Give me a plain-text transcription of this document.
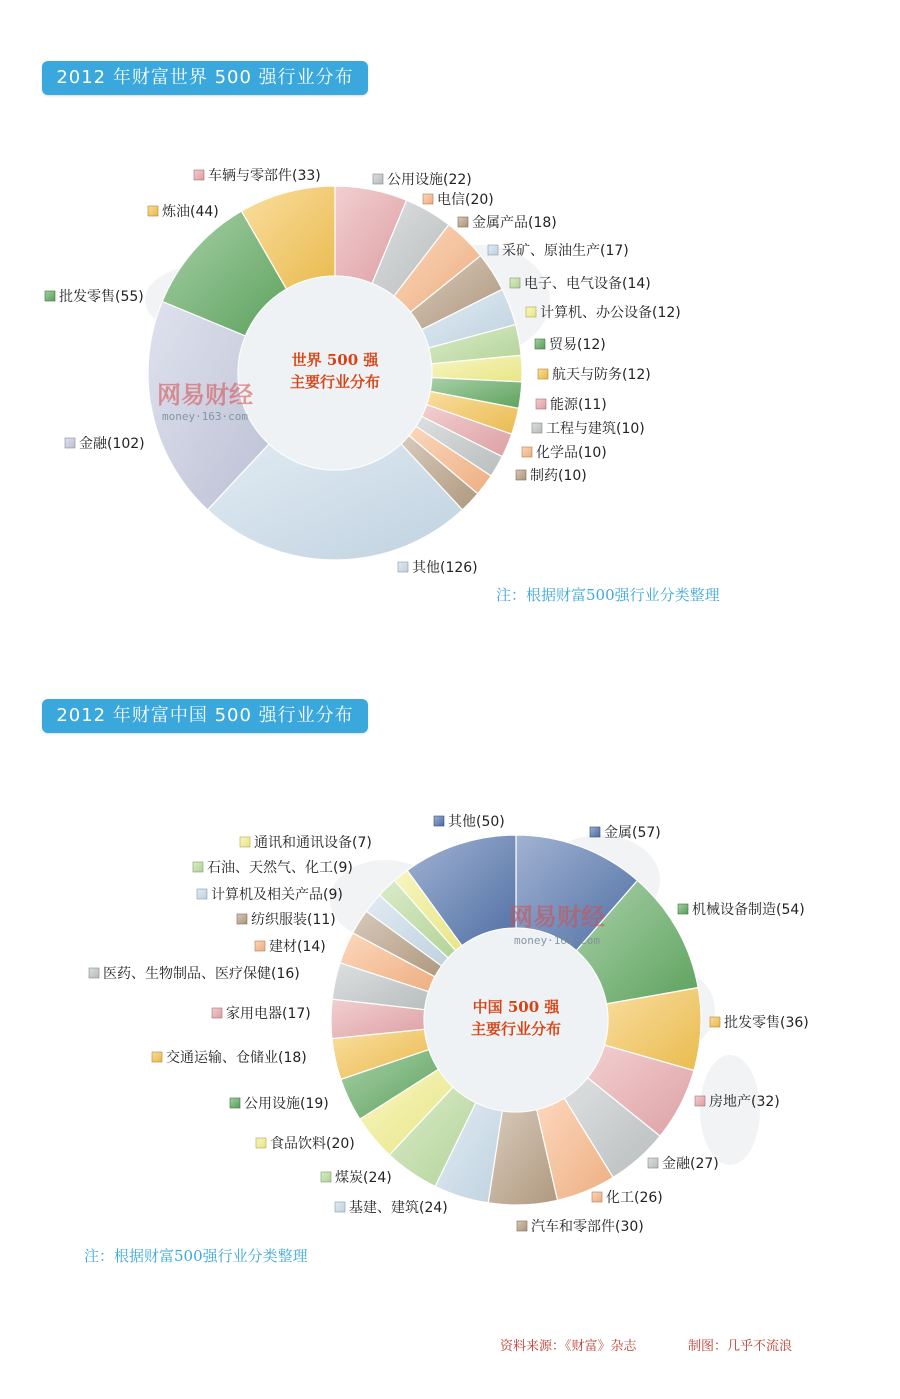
2012 年财富世界 500 强行业分布
2012 年财富中国 500 强行业分布
车辆与零部件(33)	公用设施(22)
电信(20)
金属产品(18)
采矿、原油生产(17)
电子、电气设备(14)
计算机、办公设备(12)
贸易(12)
航天与防务(12)
能源(11)
工程与建筑(10)
化学品(10)
制药(10)
其他(126)
金融(102)
批发零售(55)
炼油(44)
世界 500 强
主要行业分布
金属(57)
机械设备制造(54)
批发零售(36)
房地产(32)
金融(27)
化工(26)
汽车和零部件(30)
基建、建筑(24)
煤炭(24)
食品饮料(20)
公用设施(19)
交通运输、仓储业(18)
家用电器(17)
医药、生物制品、医疗保健(16)
建材(14)
纺织服装(11)
计算机及相关产品(9)
石油、天然气、化工(9)
通讯和通讯设备(7)
其他(50)
中国 500 强
主要行业分布
网易财经
money·163·com
网易财经
money·163·com
注：根据财富500强行业分类整理
注：根据财富500强行业分类整理
资料来源：《财富》杂志	制图：几乎不流浪
